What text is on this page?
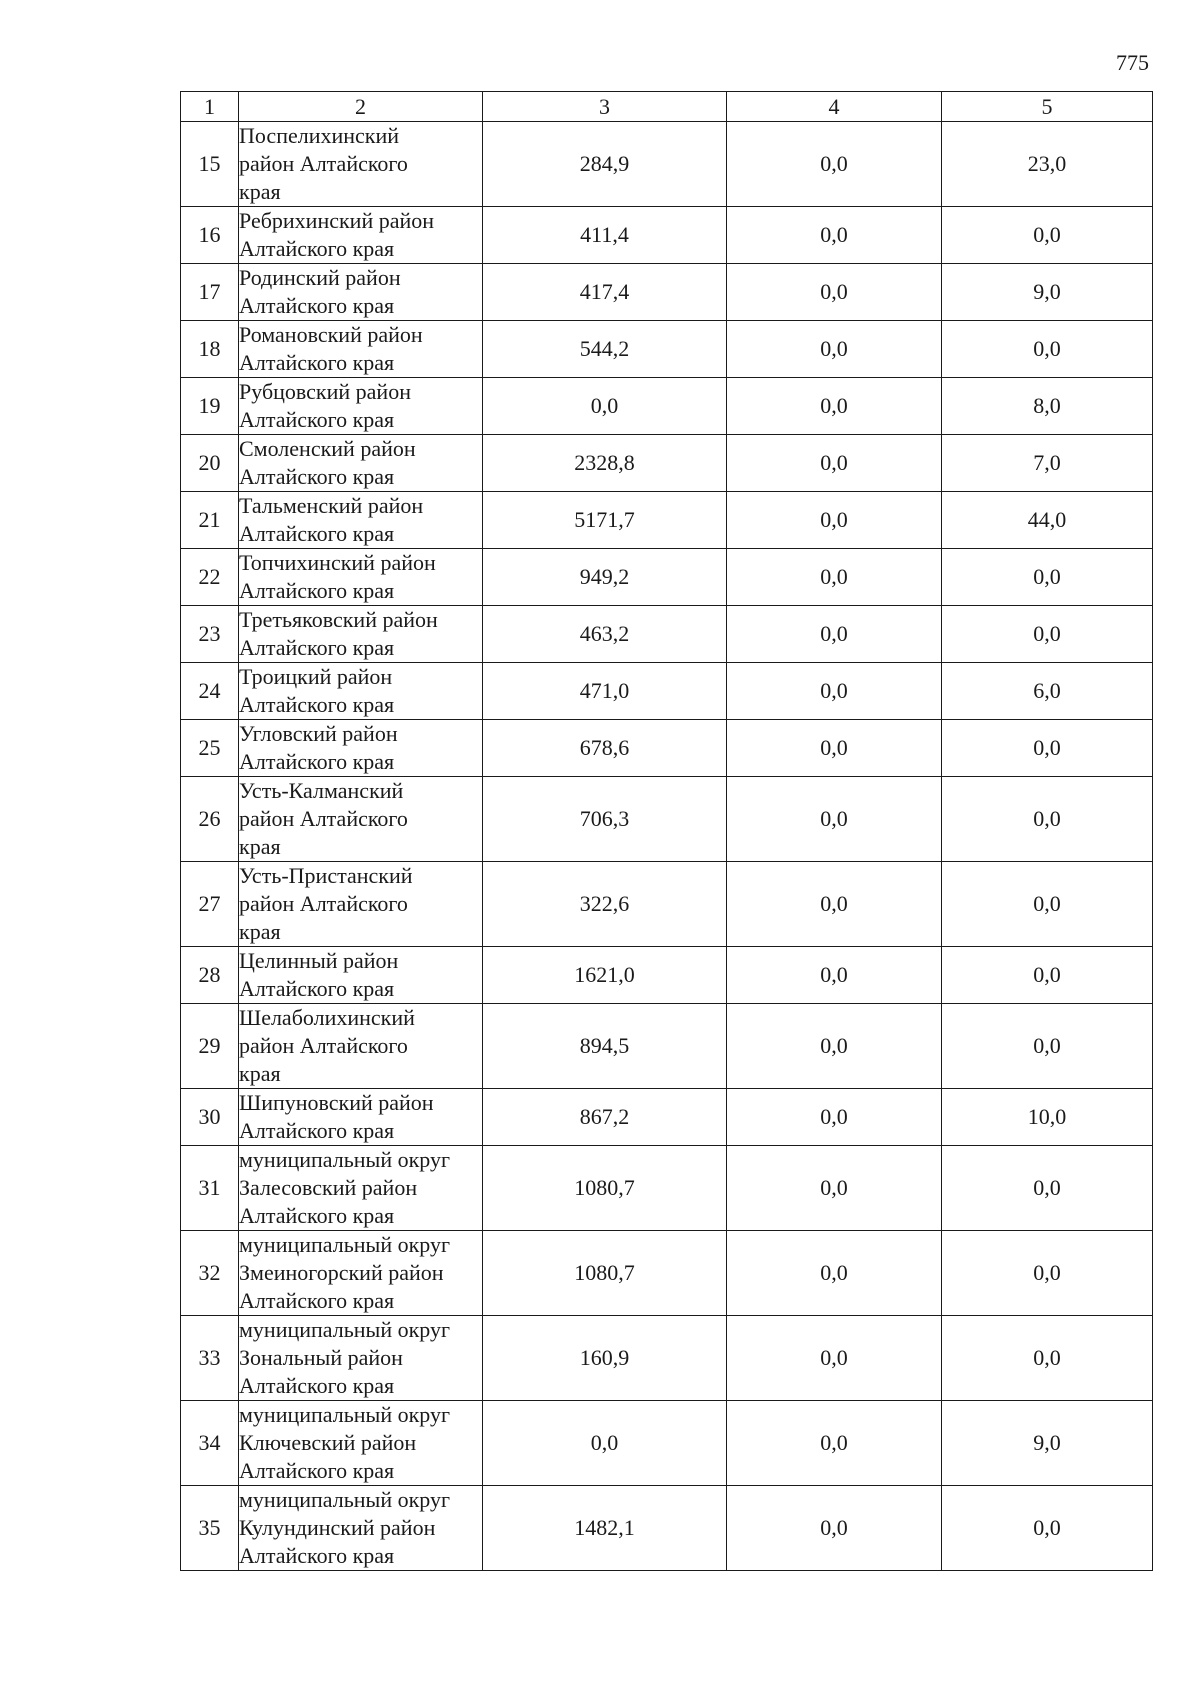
775
1	2	3	4	5
15	Поспелихинский
район Алтайского
края	284,9	0,0	23,0
16	Ребрихинский район
Алтайского края	411,4	0,0	0,0
17	Родинский район
Алтайского края	417,4	0,0	9,0
18	Романовский район
Алтайского края	544,2	0,0	0,0
19	Рубцовский район
Алтайского края	0,0	0,0	8,0
20	Смоленский район
Алтайского края	2328,8	0,0	7,0
21	Тальменский район
Алтайского края	5171,7	0,0	44,0
22	Топчихинский район
Алтайского края	949,2	0,0	0,0
23	Третьяковский район
Алтайского края	463,2	0,0	0,0
24	Троицкий район
Алтайского края	471,0	0,0	6,0
25	Угловский район
Алтайского края	678,6	0,0	0,0
26	Усть-Калманский
район Алтайского
края	706,3	0,0	0,0
27	Усть-Пристанский
район Алтайского
края	322,6	0,0	0,0
28	Целинный район
Алтайского края	1621,0	0,0	0,0
29	Шелаболихинский
район Алтайского
края	894,5	0,0	0,0
30	Шипуновский район
Алтайского края	867,2	0,0	10,0
31	муниципальный округ
Залесовский район
Алтайского края	1080,7	0,0	0,0
32	муниципальный округ
Змеиногорский район
Алтайского края	1080,7	0,0	0,0
33	муниципальный округ
Зональный район
Алтайского края	160,9	0,0	0,0
34	муниципальный округ
Ключевский район
Алтайского края	0,0	0,0	9,0
35	муниципальный округ
Кулундинский район
Алтайского края	1482,1	0,0	0,0
